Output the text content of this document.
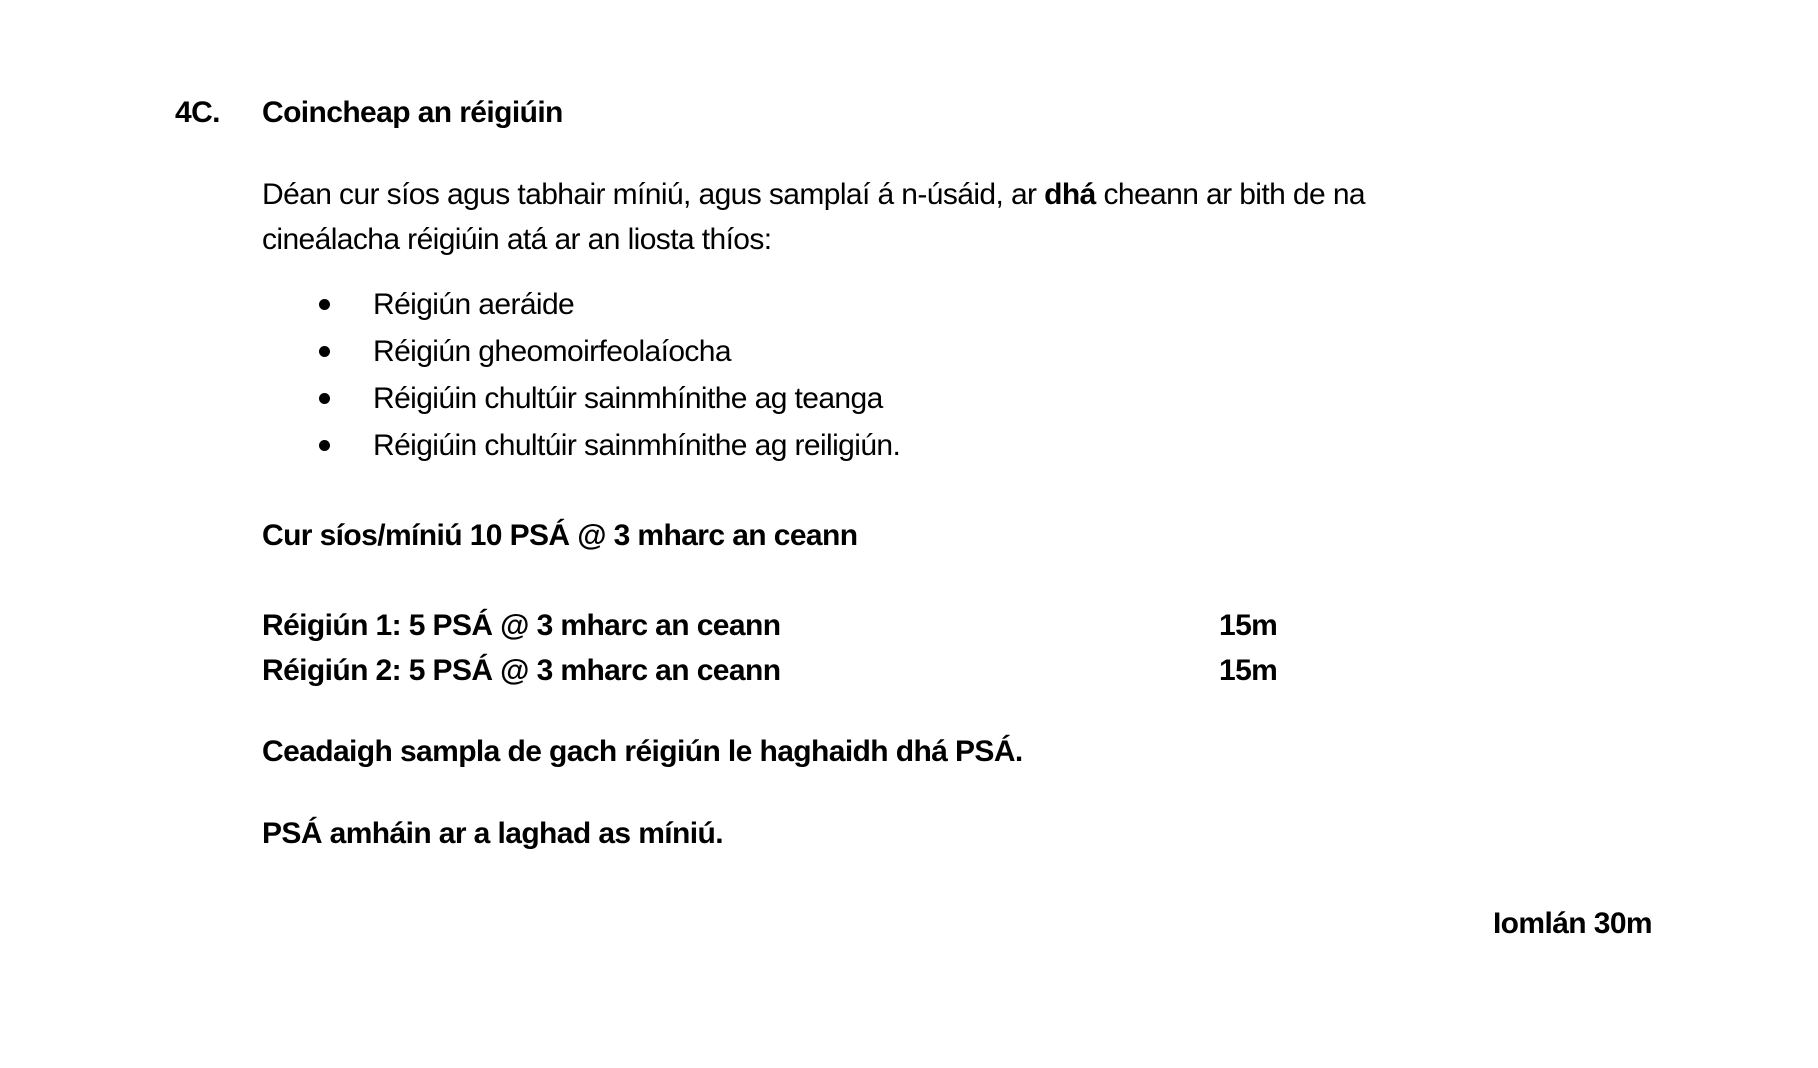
4C. Coincheap an réigiúin
Déan cur síos agus tabhair míniú, agus samplaí á n-úsáid, ar dhá cheann ar bith de na
cineálacha réigiúin atá ar an liosta thíos:
Réigiún aeráide
Réigiún gheomoirfeolaíocha
Réigiúin chultúir sainmhínithe ag teanga
Réigiúin chultúir sainmhínithe ag reiligiún.
Cur síos/míniú 10 PSÁ @ 3 mharc an ceann
Réigiún 1: 5 PSÁ @ 3 mharc an ceann	15m
Réigiún 2: 5 PSÁ @ 3 mharc an ceann	15m
Ceadaigh sampla de gach réigiún le haghaidh dhá PSÁ.
PSÁ amháin ar a laghad as míniú.
Iomlán 30m
